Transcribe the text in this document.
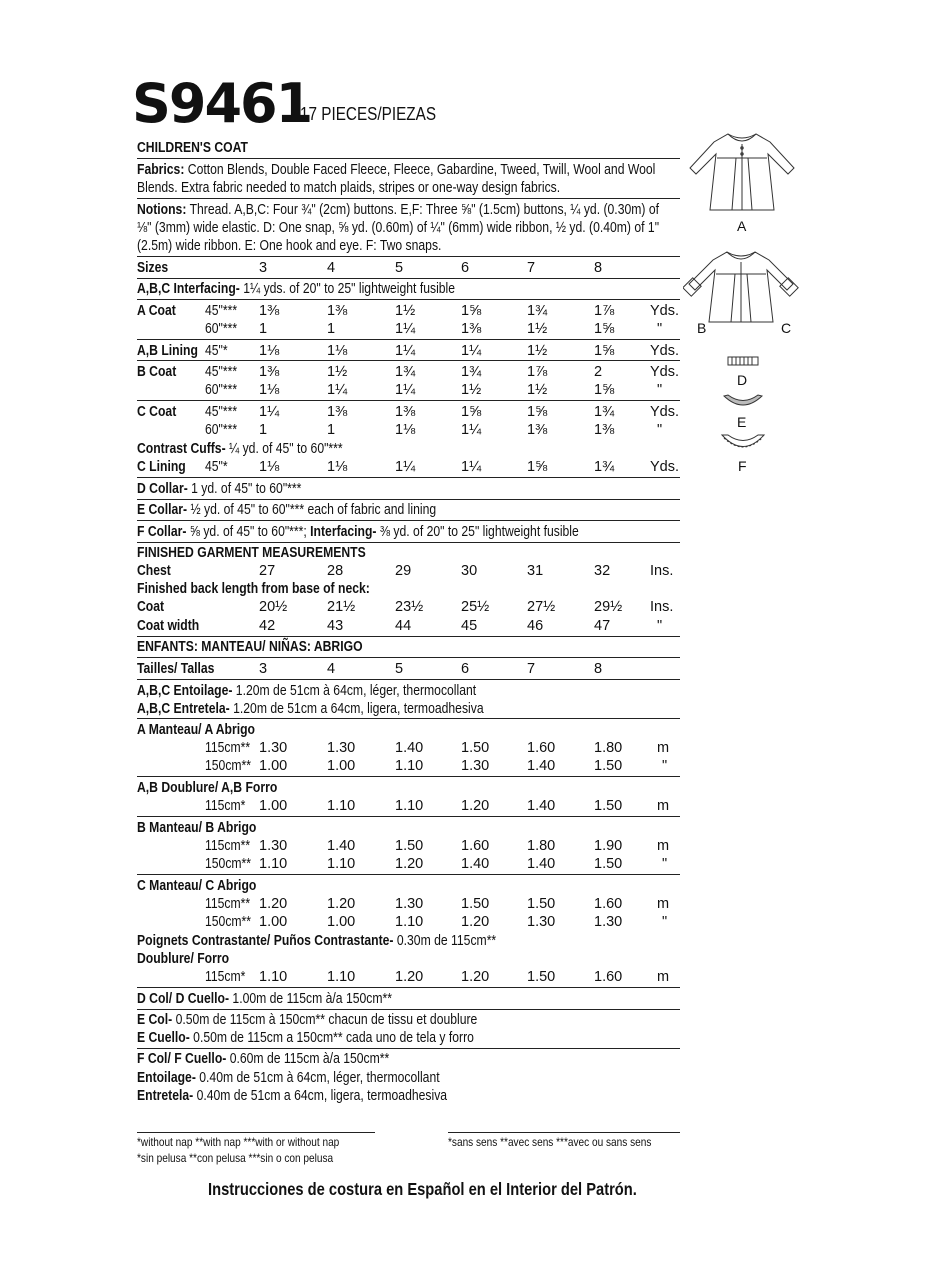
S9461
17 PIECES/PIEZAS
CHILDREN'S COAT
Fabrics: Cotton Blends, Double Faced Fleece, Fleece, Gabardine, Tweed, Twill, Wool and Wool
Blends. Extra fabric needed to match plaids, stripes or one-way design fabrics.
Notions: Thread. A,B,C: Four ¾" (2cm) buttons. E,F: Three ⅝" (1.5cm) buttons, ¼ yd. (0.30m) of
⅛" (3mm) wide elastic. D: One snap, ⅝ yd. (0.60m) of ¼" (6mm) wide ribbon, ½ yd. (0.40m) of 1"
(2.5m) wide ribbon. E: One hook and eye. F: Two snaps.
Sizes	3	4	5	6	7	8
A,B,C Interfacing- 1¼ yds. of 20" to 25" lightweight fusible
A Coat 45"*** 1⅜	1⅜	1½	1⅝	1¾	1⅞ Yds.
60"*** 1	1	1¼	1⅜	1½	1⅝	"
A,B Lining 45"* 1⅛	1⅛	1¼	1¼	1½	1⅝ Yds.
B Coat 45"*** 1⅜	1½	1¾	1¾	1⅞	2	Yds.
60"*** 1⅛	1¼	1¼	1½	1½	1⅝	"
C Coat 45"*** 1¼	1⅜	1⅜	1⅝	1⅝	1¾ Yds.
60"*** 1	1	1⅛	1¼	1⅜	1⅜	"
C Lining 45"* 1⅛	1⅛	1¼	1¼	1⅝	1¾ Yds.
Contrast Cuffs- ¼ yd. of 45" to 60"***
D Collar- 1 yd. of 45" to 60"***
E Collar- ½ yd. of 45" to 60"*** each of fabric and lining
F Collar- ⅝ yd. of 45" to 60"***; Interfacing- ⅜ yd. of 20" to 25" lightweight fusible
FINISHED GARMENT MEASUREMENTS
Chest	27	28	29	30	31	32	Ins.
Finished back length from base of neck:
Coat	20½	21½	23½	25½	27½	29½ Ins.
Coat width	42	43	44	45	46	47	"
ENFANTS: MANTEAU/ NIÑAS: ABRIGO
Tailles/ Tallas	3	4	5	6	7	8
A,B,C Entoilage- 1.20m de 51cm à 64cm, léger, thermocollant
A,B,C Entretela- 1.20m de 51cm a 64cm, ligera, termoadhesiva
A Manteau/ A Abrigo
115cm** 1.30	1.30	1.40	1.50	1.60	1.80 m
150cm** 1.00	1.00	1.10	1.30	1.40	1.50	"
A,B Doublure/ A,B Forro
115cm* 1.00	1.10	1.10	1.20	1.40	1.50 m
B Manteau/ B Abrigo
115cm** 1.30	1.40	1.50	1.60	1.80	1.90 m
150cm** 1.10	1.10	1.20	1.40	1.40	1.50	"
C Manteau/ C Abrigo
115cm** 1.20	1.20	1.30	1.50	1.50	1.60 m
150cm** 1.00	1.00	1.10	1.20	1.30	1.30	"
Poignets Contrastante/ Puños Contrastante- 0.30m de 115cm**
Doublure/ Forro
115cm* 1.10	1.10	1.20	1.20	1.50	1.60 m
D Col/ D Cuello- 1.00m de 115cm à/a 150cm**
E Col- 0.50m de 115cm à 150cm** chacun de tissu et doublure
E Cuello- 0.50m de 115cm a 150cm** cada uno de tela y forro
F Col/ F Cuello- 0.60m de 115cm à/a 150cm**
Entoilage- 0.40m de 51cm à 64cm, léger, thermocollant
Entretela- 0.40m de 51cm a 64cm, ligera, termoadhesiva
*without nap **with nap ***with or without nap
*sin pelusa **con pelusa ***sin o con pelusa
*sans sens **avec sens ***avec ou sans sens
Instrucciones de costura en Español en el Interior del Patrón.
A
B	C
D
E
F
